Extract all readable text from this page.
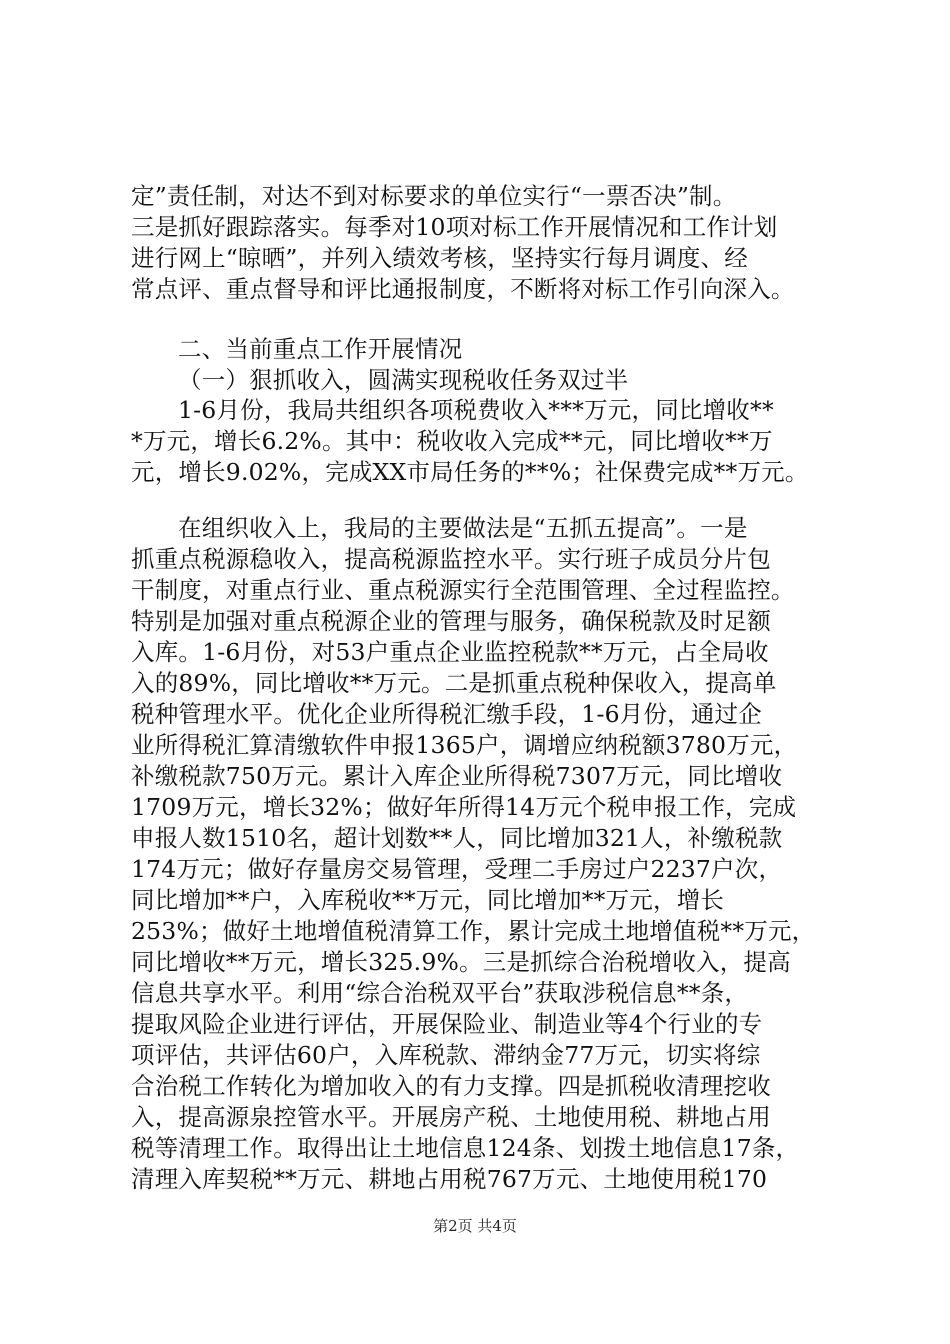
定”责任制，对达不到对标要求的单位实行“一票否决”制。
三是抓好跟踪落实。每季对10项对标工作开展情况和工作计划
进行网上“晾晒”，并列入绩效考核，坚持实行每月调度、经
常点评、重点督导和评比通报制度，不断将对标工作引向深入。
二、当前重点工作开展情况
（一）狠抓收入，圆满实现税收任务双过半
1-6月份，我局共组织各项税费收入***万元，同比增收**
*万元，增长6.2%。其中：税收收入完成**元，同比增收**万
元，增长9.02%，完成XX市局任务的**%；社保费完成**万元。
在组织收入上，我局的主要做法是“五抓五提高”。一是
抓重点税源稳收入，提高税源监控水平。实行班子成员分片包
干制度，对重点行业、重点税源实行全范围管理、全过程监控。
特别是加强对重点税源企业的管理与服务，确保税款及时足额
入库。1-6月份，对53户重点企业监控税款**万元，占全局收
入的89%，同比增收**万元。二是抓重点税种保收入，提高单
税种管理水平。优化企业所得税汇缴手段，1-6月份，通过企
业所得税汇算清缴软件申报1365户，调增应纳税额3780万元，
补缴税款750万元。累计入库企业所得税7307万元，同比增收
1709万元，增长32%；做好年所得14万元个税申报工作，完成
申报人数1510名，超计划数**人，同比增加321人，补缴税款
174万元；做好存量房交易管理，受理二手房过户2237户次，
同比增加**户，入库税收**万元，同比增加**万元，增长
253%；做好土地增值税清算工作，累计完成土地增值税**万元，
同比增收**万元，增长325.9%。三是抓综合治税增收入，提高
信息共享水平。利用“综合治税双平台”获取涉税信息**条，
提取风险企业进行评估，开展保险业、制造业等4个行业的专
项评估，共评估60户，入库税款、滞纳金77万元，切实将综
合治税工作转化为增加收入的有力支撑。四是抓税收清理挖收
入，提高源泉控管水平。开展房产税、土地使用税、耕地占用
税等清理工作。取得出让土地信息124条、划拨土地信息17条，
清理入库契税**万元、耕地占用税767万元、土地使用税170
第2页 共4页
